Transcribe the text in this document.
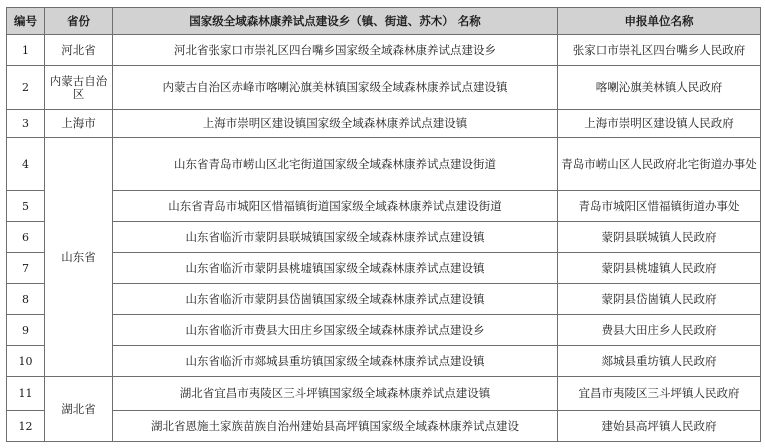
编号	省份	国家级全域森林康养试点建设乡（镇、街道、苏木） 名称	申报单位名称
1	河北省	河北省张家口市崇礼区四台嘴乡国家级全域森林康养试点建设乡	张家口市崇礼区四台嘴乡人民政府
2	内蒙古自治区	内蒙古自治区赤峰市喀喇沁旗美林镇国家级全域森林康养试点建设镇	喀喇沁旗美林镇人民政府
3	上海市	上海市崇明区建设镇国家级全域森林康养试点建设镇	上海市崇明区建设镇人民政府
4	山东省	山东省青岛市崂山区北宅街道国家级全域森林康养试点建设街道	青岛市崂山区人民政府北宅街道办事处
5		山东省青岛市城阳区惜福镇街道国家级全域森林康养试点建设街道	青岛市城阳区惜福镇街道办事处
6		山东省临沂市蒙阴县联城镇国家级全域森林康养试点建设镇	蒙阴县联城镇人民政府
7		山东省临沂市蒙阴县桃墟镇国家级全域森林康养试点建设镇	蒙阴县桃墟镇人民政府
8		山东省临沂市蒙阴县岱崮镇国家级全域森林康养试点建设镇	蒙阴县岱崮镇人民政府
9		山东省临沂市费县大田庄乡国家级全域森林康养试点建设乡	费县大田庄乡人民政府
10		山东省临沂市郯城县重坊镇国家级全域森林康养试点建设镇	郯城县重坊镇人民政府
11	湖北省	湖北省宜昌市夷陵区三斗坪镇国家级全域森林康养试点建设镇	宜昌市夷陵区三斗坪镇人民政府
12		湖北省恩施土家族苗族自治州建始县高坪镇国家级全域森林康养试点建设	建始县高坪镇人民政府
